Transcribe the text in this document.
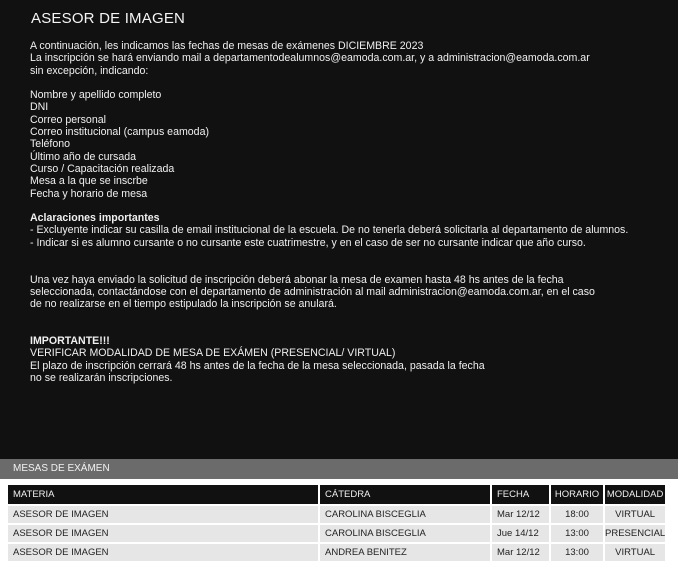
ASESOR DE IMAGEN
A continuación, les indicamos las fechas de mesas de exámenes DICIEMBRE 2023
La inscripción se hará enviando mail a departamentodealumnos@eamoda.com.ar, y a administracion@eamoda.com.ar
sin excepción, indicando:
Nombre y apellido completo
DNI
Correo personal
Correo institucional (campus eamoda)
Teléfono
Último año de cursada
Curso / Capacitación realizada
Mesa a la que se inscrbe
Fecha y horario de mesa
Aclaraciones importantes
- Excluyente indicar su casilla de email institucional de la escuela. De no tenerla deberá solicitarla al departamento de alumnos.
- Indicar si es alumno cursante o no cursante este cuatrimestre, y en el caso de ser no cursante indicar que año curso.
Una vez haya enviado la solicitud de inscripción deberá abonar la mesa de examen hasta 48 hs antes de la fecha
seleccionada, contactándose con el departamento de administración al mail administracion@eamoda.com.ar, en el caso
de no realizarse en el tiempo estipulado la inscripción se anulará.
IMPORTANTE!!!
VERIFICAR MODALIDAD DE MESA DE EXÁMEN (PRESENCIAL/ VIRTUAL)
El plazo de inscripción cerrará 48 hs antes de la fecha de la mesa seleccionada, pasada la fecha
no se realizarán inscripciones.
MESAS DE EXÁMEN
MATERIA	CÁTEDRA	FECHA	HORARIO	MODALIDAD
ASESOR DE IMAGEN	CAROLINA BISCEGLIA	Mar 12/12	18:00	VIRTUAL
ASESOR DE IMAGEN	CAROLINA BISCEGLIA	Jue 14/12	13:00	PRESENCIAL
ASESOR DE IMAGEN	ANDREA BENITEZ	Mar 12/12	13:00	VIRTUAL
